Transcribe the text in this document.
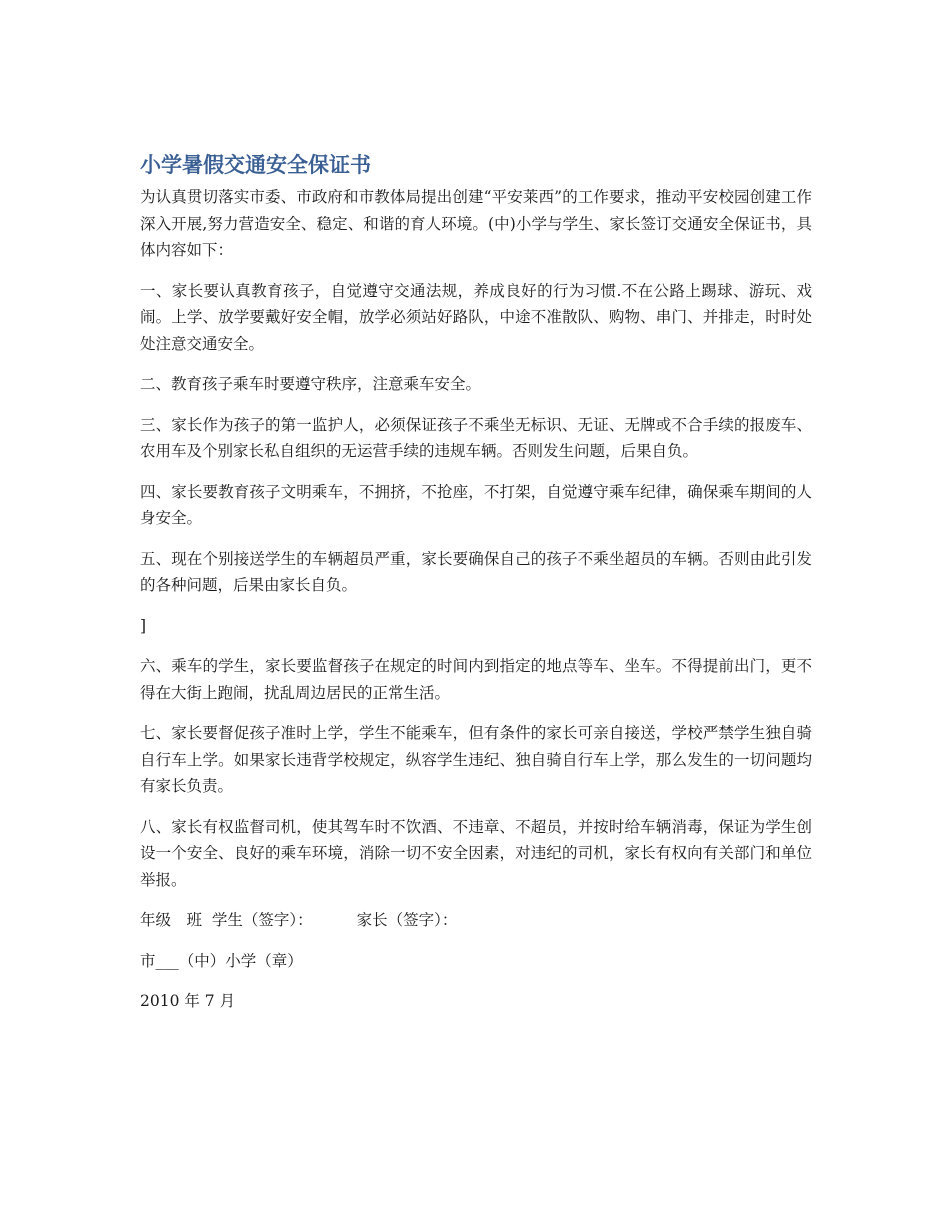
小学暑假交通安全保证书

为认真贯切落实市委、市政府和市教体局提出创建“平安莱西”的工作要求，推动平安校园创建工作深入开展,努力营造安全、稳定、和谐的育人环境。(中)小学与学生、家长签订交通安全保证书，具体内容如下：

一、家长要认真教育孩子，自觉遵守交通法规，养成良好的行为习惯.不在公路上踢球、游玩、戏闹。上学、放学要戴好安全帽，放学必须站好路队，中途不准散队、购物、串门、并排走，时时处处注意交通安全。

二、教育孩子乘车时要遵守秩序，注意乘车安全。

三、家长作为孩子的第一监护人，必须保证孩子不乘坐无标识、无证、无牌或不合手续的报废车、农用车及个别家长私自组织的无运营手续的违规车辆。否则发生问题，后果自负。

四、家长要教育孩子文明乘车，不拥挤，不抢座，不打架，自觉遵守乘车纪律，确保乘车期间的人身安全。

五、现在个别接送学生的车辆超员严重，家长要确保自己的孩子不乘坐超员的车辆。否则由此引发的各种问题，后果由家长自负。

]

六、乘车的学生，家长要监督孩子在规定的时间内到指定的地点等车、坐车。不得提前出门，更不得在大街上跑闹，扰乱周边居民的正常生活。

七、家长要督促孩子准时上学，学生不能乘车，但有条件的家长可亲自接送，学校严禁学生独自骑自行车上学。如果家长违背学校规定，纵容学生违纪、独自骑自行车上学，那么发生的一切问题均有家长负责。

八、家长有权监督司机，使其驾车时不饮酒、不违章、不超员，并按时给车辆消毒，保证为学生创设一个安全、良好的乘车环境，消除一切不安全因素，对违纪的司机，家长有权向有关部门和单位举报。

年级　班  学生（签字）：	家长（签字）：

市___（中）小学（章）

2010 年 7 月
